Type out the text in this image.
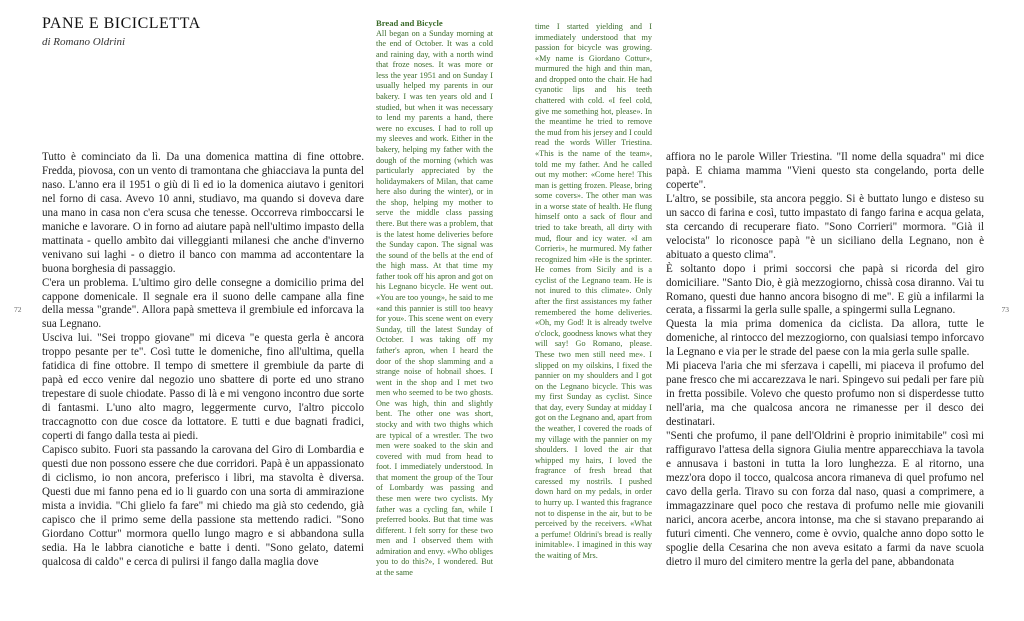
PANE E BICICLETTA
di Romano Oldrini

Tutto è cominciato da lì. Da una domenica mattina di fine ottobre. Fredda, piovosa, con un vento di tramontana che ghiacciava la punta del naso. L'anno era il 1951 o giù di lì ed io la domenica aiutavo i genitori nel forno di casa. Avevo 10 anni, studiavo, ma quando si doveva dare una mano in casa non c'era scusa che tenesse. Occorreva rimboccarsi le maniche e lavorare. O in forno ad aiutare papà nell'ultimo impasto della mattinata - quello ambìto dai villeggianti milanesi che anche d'inverno venivano sui laghi - o dietro il banco con mamma ad accontentare la buona borghesia di passaggio.

C'era un problema. L'ultimo giro delle consegne a domicilio prima del cappone domenicale. Il segnale era il suono delle campane alla fine della messa "grande". Allora papà smetteva il grembiule ed inforcava la sua Legnano.

Usciva lui. "Sei troppo giovane" mi diceva "e questa gerla è ancora troppo pesante per te". Così tutte le domeniche, fino all'ultima, quella fatidica di fine ottobre. Il tempo di smettere il grembiule da parte di papà ed ecco venire dal negozio uno sbattere di porte ed uno strano trepestare di suole chiodate. Passo di là e mi vengono incontro due sorte di fantasmi. L'uno alto magro, leggermente curvo, l'altro piccolo traccagnotto con due cosce da lottatore. E tutti e due bagnati fradici, coperti di fango dalla testa ai piedi.

Capisco subito. Fuori sta passando la carovana del Giro di Lombardia e questi due non possono essere che due corridori. Papà è un appassionato di ciclismo, io non ancora, preferisco i libri, ma stavolta è diversa. Questi due mi fanno pena ed io li guardo con una sorta di ammirazione mista a invidia. "Chi glielo fa fare" mi chiedo ma già sto cedendo, già capisco che il primo seme della passione sta mettendo radici. "Sono Giordano Cottur" mormora quello lungo magro e si abbandona sulla sedia. Ha le labbra cianotiche e batte i denti. "Sono gelato, datemi qualcosa di caldo" e cerca di pulirsi il fango dalla maglia dove

Bread and Bicycle

All began on a Sunday morning at the end of October. It was a cold and raining day, with a north wind that froze noses. It was more or less the year 1951 and on Sunday I usually helped my parents in our bakery. I was ten years old and I studied, but when it was necessary to lend my parents a hand, there were no excuses. I had to roll up my sleeves and work. Either in the bakery, helping my father with the dough of the morning (which was particularly appreciated by the holidaymakers of Milan, that came here also during the winter), or in the shop, helping my mother to serve the middle class passing there. But there was a problem, that is the latest home deliveries before the Sunday capon. The signal was the sound of the bells at the end of the high mass. At that time my father took off his apron and got on his Legnano bicycle. He went out. «You are too young», he said to me «and this pannier is still too heavy for you». This scene went on every Sunday, till the latest Sunday of October. I was taking off my father's apron, when I heard the door of the shop slamming and a strange noise of hobnail shoes. I went in the shop and I met two men who seemed to be two ghosts. One was high, thin and slightly bent. The other one was short, stocky and with two thighs which are typical of a wrestler. The two men were soaked to the skin and covered with mud from head to foot. I immediately understood. In that moment the group of the Tour of Lombardy was passing and these men were two cyclists. My father was a cycling fan, while I preferred books. But that time was different. I felt sorry for these two men and I observed them with admiration and envy. «Who obliges you to do this?», I wondered. But at the same

time I started yielding and I immediately understood that my passion for bicycle was growing. «My name is Giordano Cottur», murmured the high and thin man, and dropped onto the chair. He had cyanotic lips and his teeth chattered with cold. «I feel cold, give me something hot, please». In the meantime he tried to remove the mud from his jersey and I could read the words Willer Triestina. «This is the name of the team», told me my father. And he called out my mother: «Come here! This man is getting frozen. Please, bring some covers». The other man was in a worse state of health. He flung himself onto a sack of flour and tried to take breath, all dirty with mud, flour and icy water. «I am Corrieri», he murmured. My father recognized him «He is the sprinter. He comes from Sicily and is a cyclist of the Legnano team. He is not inured to this climate». Only after the first assistances my father remembered the home deliveries. «Oh, my God! It is already twelve o'clock, goodness knows what they will say! Go Romano, please. These two men still need me». I slipped on my oilskins, I fixed the pannier on my shoulders and I got on the Legnano bicycle. This was my first Sunday as cyclist. Since that day, every Sunday at midday I got on the Legnano and, apart from the weather, I covered the roads of my village with the pannier on my shoulders. I loved the air that whipped my hairs, I loved the fragrance of fresh bread that caressed my nostrils. I pushed down hard on my pedals, in order to hurry up. I wanted this fragrance not to dispense in the air, but to be perceived by the receivers. «What a perfume! Oldrini's bread is really inimitable». I imagined in this way the waiting of Mrs.

affiora no le parole Willer Triestina. "Il nome della squadra" mi dice papà. E chiama mamma "Vieni questo sta congelando, porta delle coperte".

L'altro, se possibile, sta ancora peggio. Si è buttato lungo e disteso su un sacco di farina e così, tutto impastato di fango farina e acqua gelata, sta cercando di recuperare fiato. "Sono Corrieri" mormora. "Già il velocista" lo riconosce papà "è un siciliano della Legnano, non è abituato a questo clima".

È soltanto dopo i primi soccorsi che papà si ricorda del giro domiciliare. "Santo Dio, è già mezzogiorno, chissà cosa diranno. Vai tu Romano, questi due hanno ancora bisogno di me". E giù a infilarmi la cerata, a fissarmi la gerla sulle spalle, a spingermi sulla Legnano.

Questa la mia prima domenica da ciclista. Da allora, tutte le domeniche, al rintocco del mezzogiorno, con qualsiasi tempo inforcavo la Legnano e via per le strade del paese con la mia gerla sulle spalle.

Mi piaceva l'aria che mi sferzava i capelli, mi piaceva il profumo del pane fresco che mi accarezzava le nari. Spingevo sui pedali per fare più in fretta possibile. Volevo che questo profumo non si disperdesse tutto nell'aria, ma che qualcosa ancora ne rimanesse per il desco dei destinatari.

"Senti che profumo, il pane dell'Oldrini è proprio inimitabile" così mi raffiguravo l'attesa della signora Giulia mentre apparecchiava la tavola e annusava i bastoni in tutta la loro lunghezza. E al ritorno, una mezz'ora dopo il tocco, qualcosa ancora rimaneva di quel profumo nel cavo della gerla. Tiravo su con forza dal naso, quasi a comprimere, a immagazzinare quel poco che restava di profumo nelle mie giovanili narici, ancora acerbe, ancora intonse, ma che si stavano preparando ai futuri cimenti. Che vennero, come è ovvio, qualche anno dopo sotto le spoglie della Cesarina che non aveva esitato a farmi da nave scuola dietro il muro del cimitero mentre la gerla del pane, abbandonata

72	73
